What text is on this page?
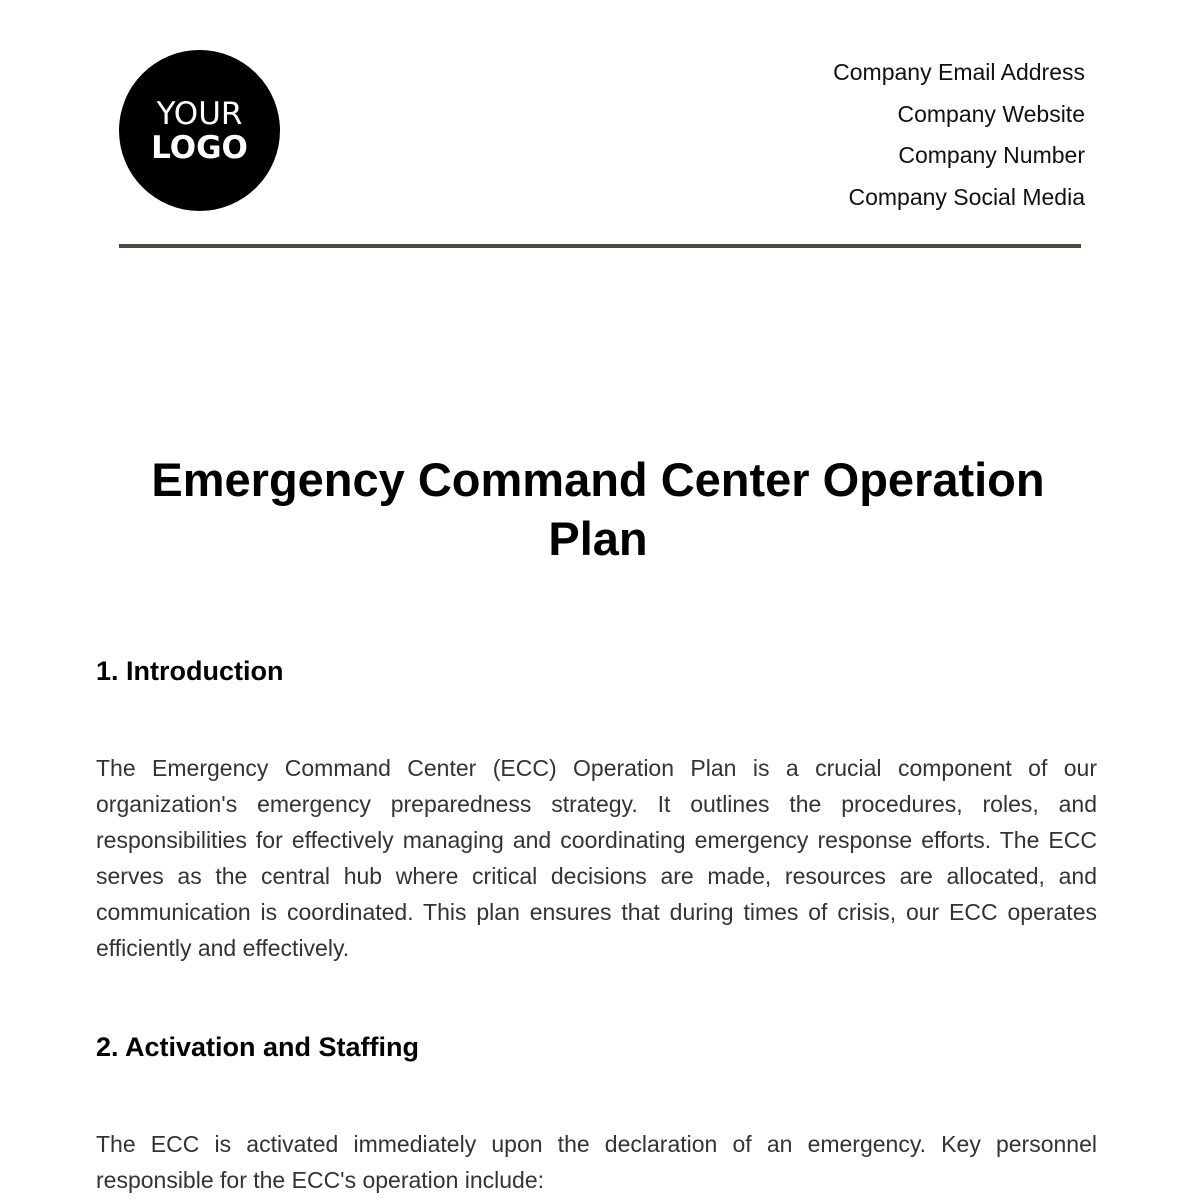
YOUR
LOGO
Company Email Address
Company Website
Company Number
Company Social Media
Emergency Command Center Operation Plan
1. Introduction

The Emergency Command Center (ECC) Operation Plan is a crucial component of our organization's emergency preparedness strategy. It outlines the procedures, roles, and responsibilities for effectively managing and coordinating emergency response efforts. The ECC serves as the central hub where critical decisions are made, resources are allocated, and communication is coordinated. This plan ensures that during times of crisis, our ECC operates efficiently and effectively.

2. Activation and Staffing

The ECC is activated immediately upon the declaration of an emergency. Key personnel responsible for the ECC's operation include:
